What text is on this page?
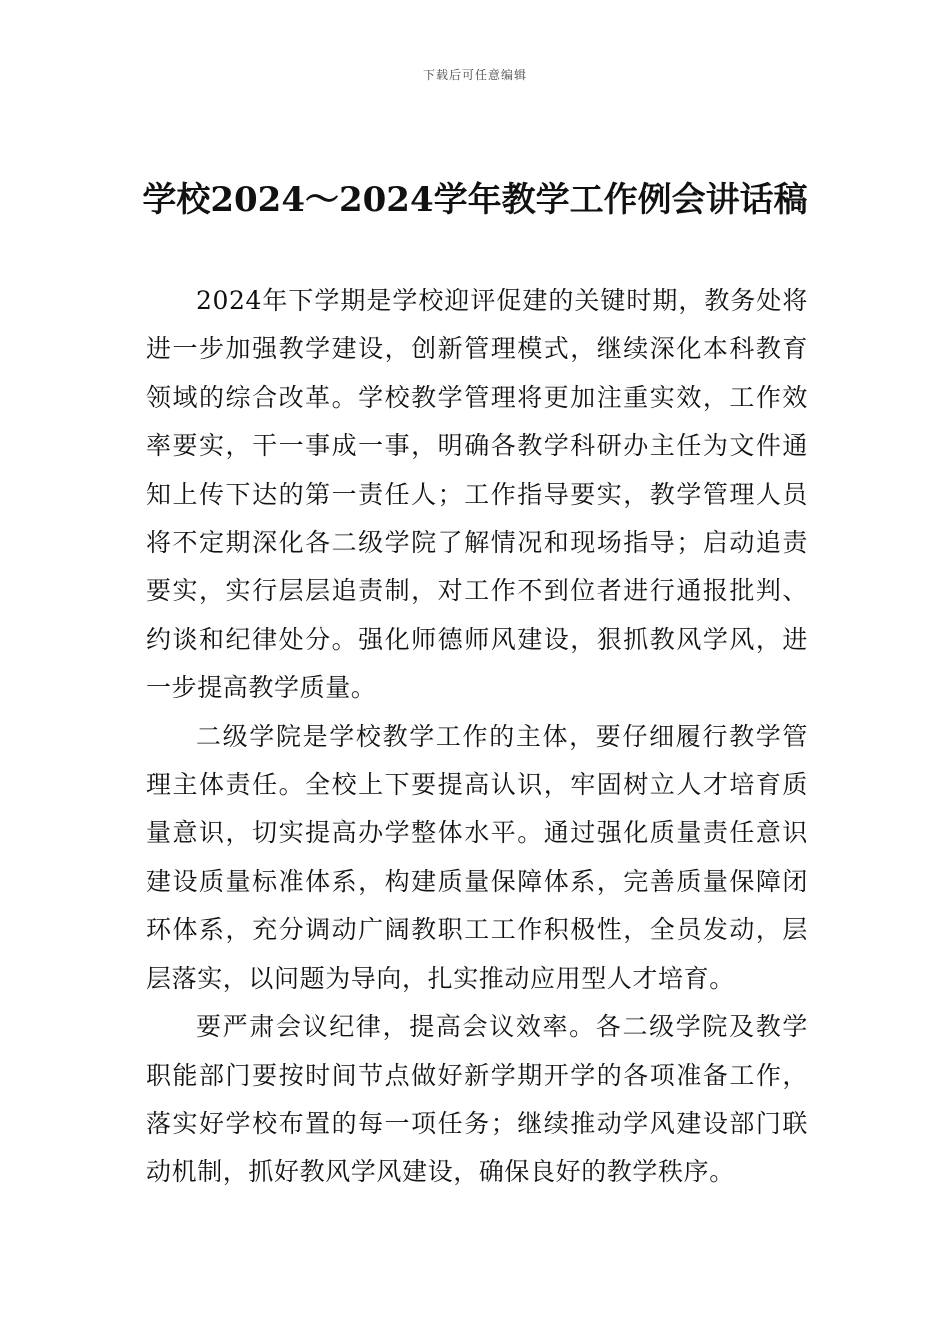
下载后可任意编辑
学校2024～2024学年教学工作例会讲话稿

2024年下学期是学校迎评促建的关键时期，教务处将进一步加强教学建设，创新管理模式，继续深化本科教育领域的综合改革。学校教学管理将更加注重实效，工作效率要实，干一事成一事，明确各教学科研办主任为文件通知上传下达的第一责任人；工作指导要实，教学管理人员将不定期深化各二级学院了解情况和现场指导；启动追责要实，实行层层追责制，对工作不到位者进行通报批判、约谈和纪律处分。强化师德师风建设，狠抓教风学风，进一步提高教学质量。

二级学院是学校教学工作的主体，要仔细履行教学管理主体责任。全校上下要提高认识，牢固树立人才培育质量意识，切实提高办学整体水平。通过强化质量责任意识建设质量标准体系，构建质量保障体系，完善质量保障闭环体系，充分调动广阔教职工工作积极性，全员发动，层层落实，以问题为导向，扎实推动应用型人才培育。

要严肃会议纪律，提高会议效率。各二级学院及教学职能部门要按时间节点做好新学期开学的各项准备工作，落实好学校布置的每一项任务；继续推动学风建设部门联动机制，抓好教风学风建设，确保良好的教学秩序。
